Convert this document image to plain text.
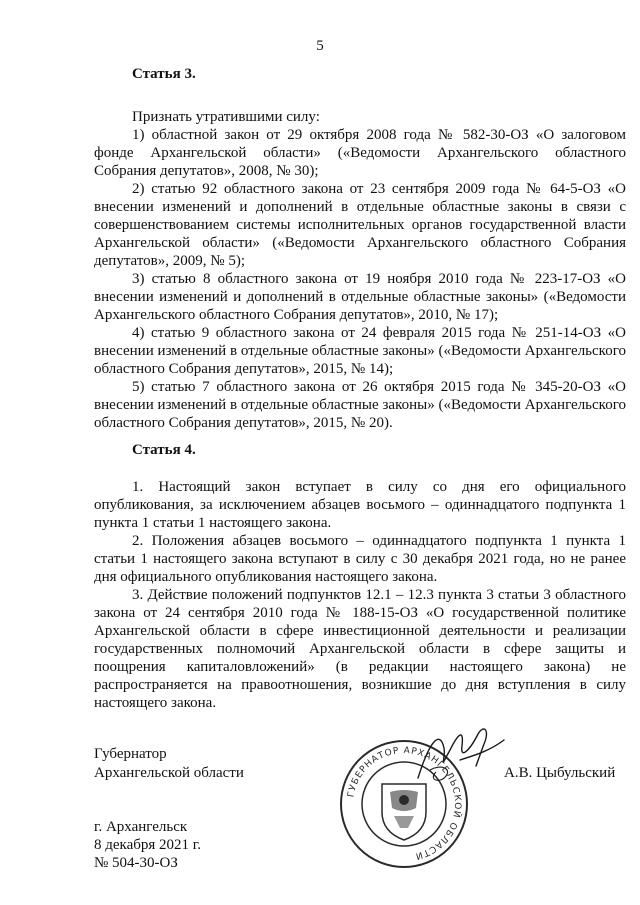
5
Статья 3.

Признать утратившими силу:

1) областной закон от 29 октября 2008 года № 582-30-ОЗ «О залоговом фонде Архангельской области» («Ведомости Архангельского областного Собрания депутатов», 2008, № 30);

2) статью 92 областного закона от 23 сентября 2009 года № 64-5-ОЗ «О внесении изменений и дополнений в отдельные областные законы в связи с совершенствованием системы исполнительных органов государственной власти Архангельской области» («Ведомости Архангельского областного Собрания депутатов», 2009, № 5);

3) статью 8 областного закона от 19 ноября 2010 года № 223-17-ОЗ «О внесении изменений и дополнений в отдельные областные законы» («Ведомости Архангельского областного Собрания депутатов», 2010, № 17);

4) статью 9 областного закона от 24 февраля 2015 года № 251-14-ОЗ «О внесении изменений в отдельные областные законы» («Ведомости Архангельского областного Собрания депутатов», 2015, № 14);

5) статью 7 областного закона от 26 октября 2015 года № 345-20-ОЗ «О внесении изменений в отдельные областные законы» («Ведомости Архангельского областного Собрания депутатов», 2015, № 20).

Статья 4.

1. Настоящий закон вступает в силу со дня его официального опубликования, за исключением абзацев восьмого – одиннадцатого подпункта 1 пункта 1 статьи 1 настоящего закона.

2. Положения абзацев восьмого – одиннадцатого подпункта 1 пункта 1 статьи 1 настоящего закона вступают в силу с 30 декабря 2021 года, но не ранее дня официального опубликования настоящего закона.

3. Действие положений подпунктов 12.1 – 12.3 пункта 3 статьи 3 областного закона от 24 сентября 2010 года № 188-15-ОЗ «О государственной политике Архангельской области в сфере инвестиционной деятельности и реализации государственных полномочий Архангельской области в сфере защиты и поощрения капиталовложений» (в редакции настоящего закона) не распространяется на правоотношения, возникшие до дня вступления в силу настоящего закона.

Губернатор
Архангельской области	А.В. Цыбульский
ГУБЕРНАТОР АРХАНГЕЛЬСКОЙ ОБЛАСТИ
г. Архангельск
8 декабря 2021 г.
№ 504-30-ОЗ
